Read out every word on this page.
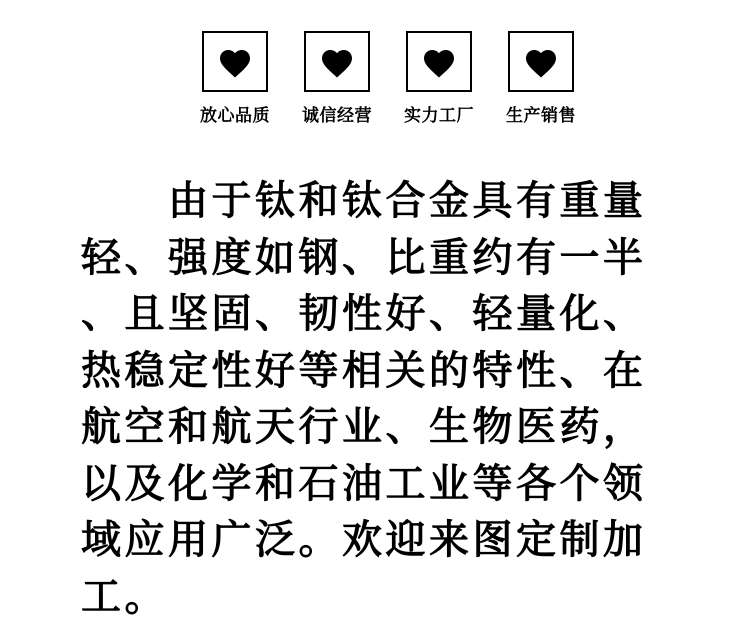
放心品质 诚信经营 实力工厂 生产销售
由于钛和钛合金具有重量
轻、强度如钢、比重约有一半
、且坚固、韧性好、轻量化、
热稳定性好等相关的特性、在
航空和航天行业、生物医药，
以及化学和石油工业等各个领
域应用广泛。欢迎来图定制加
工。
